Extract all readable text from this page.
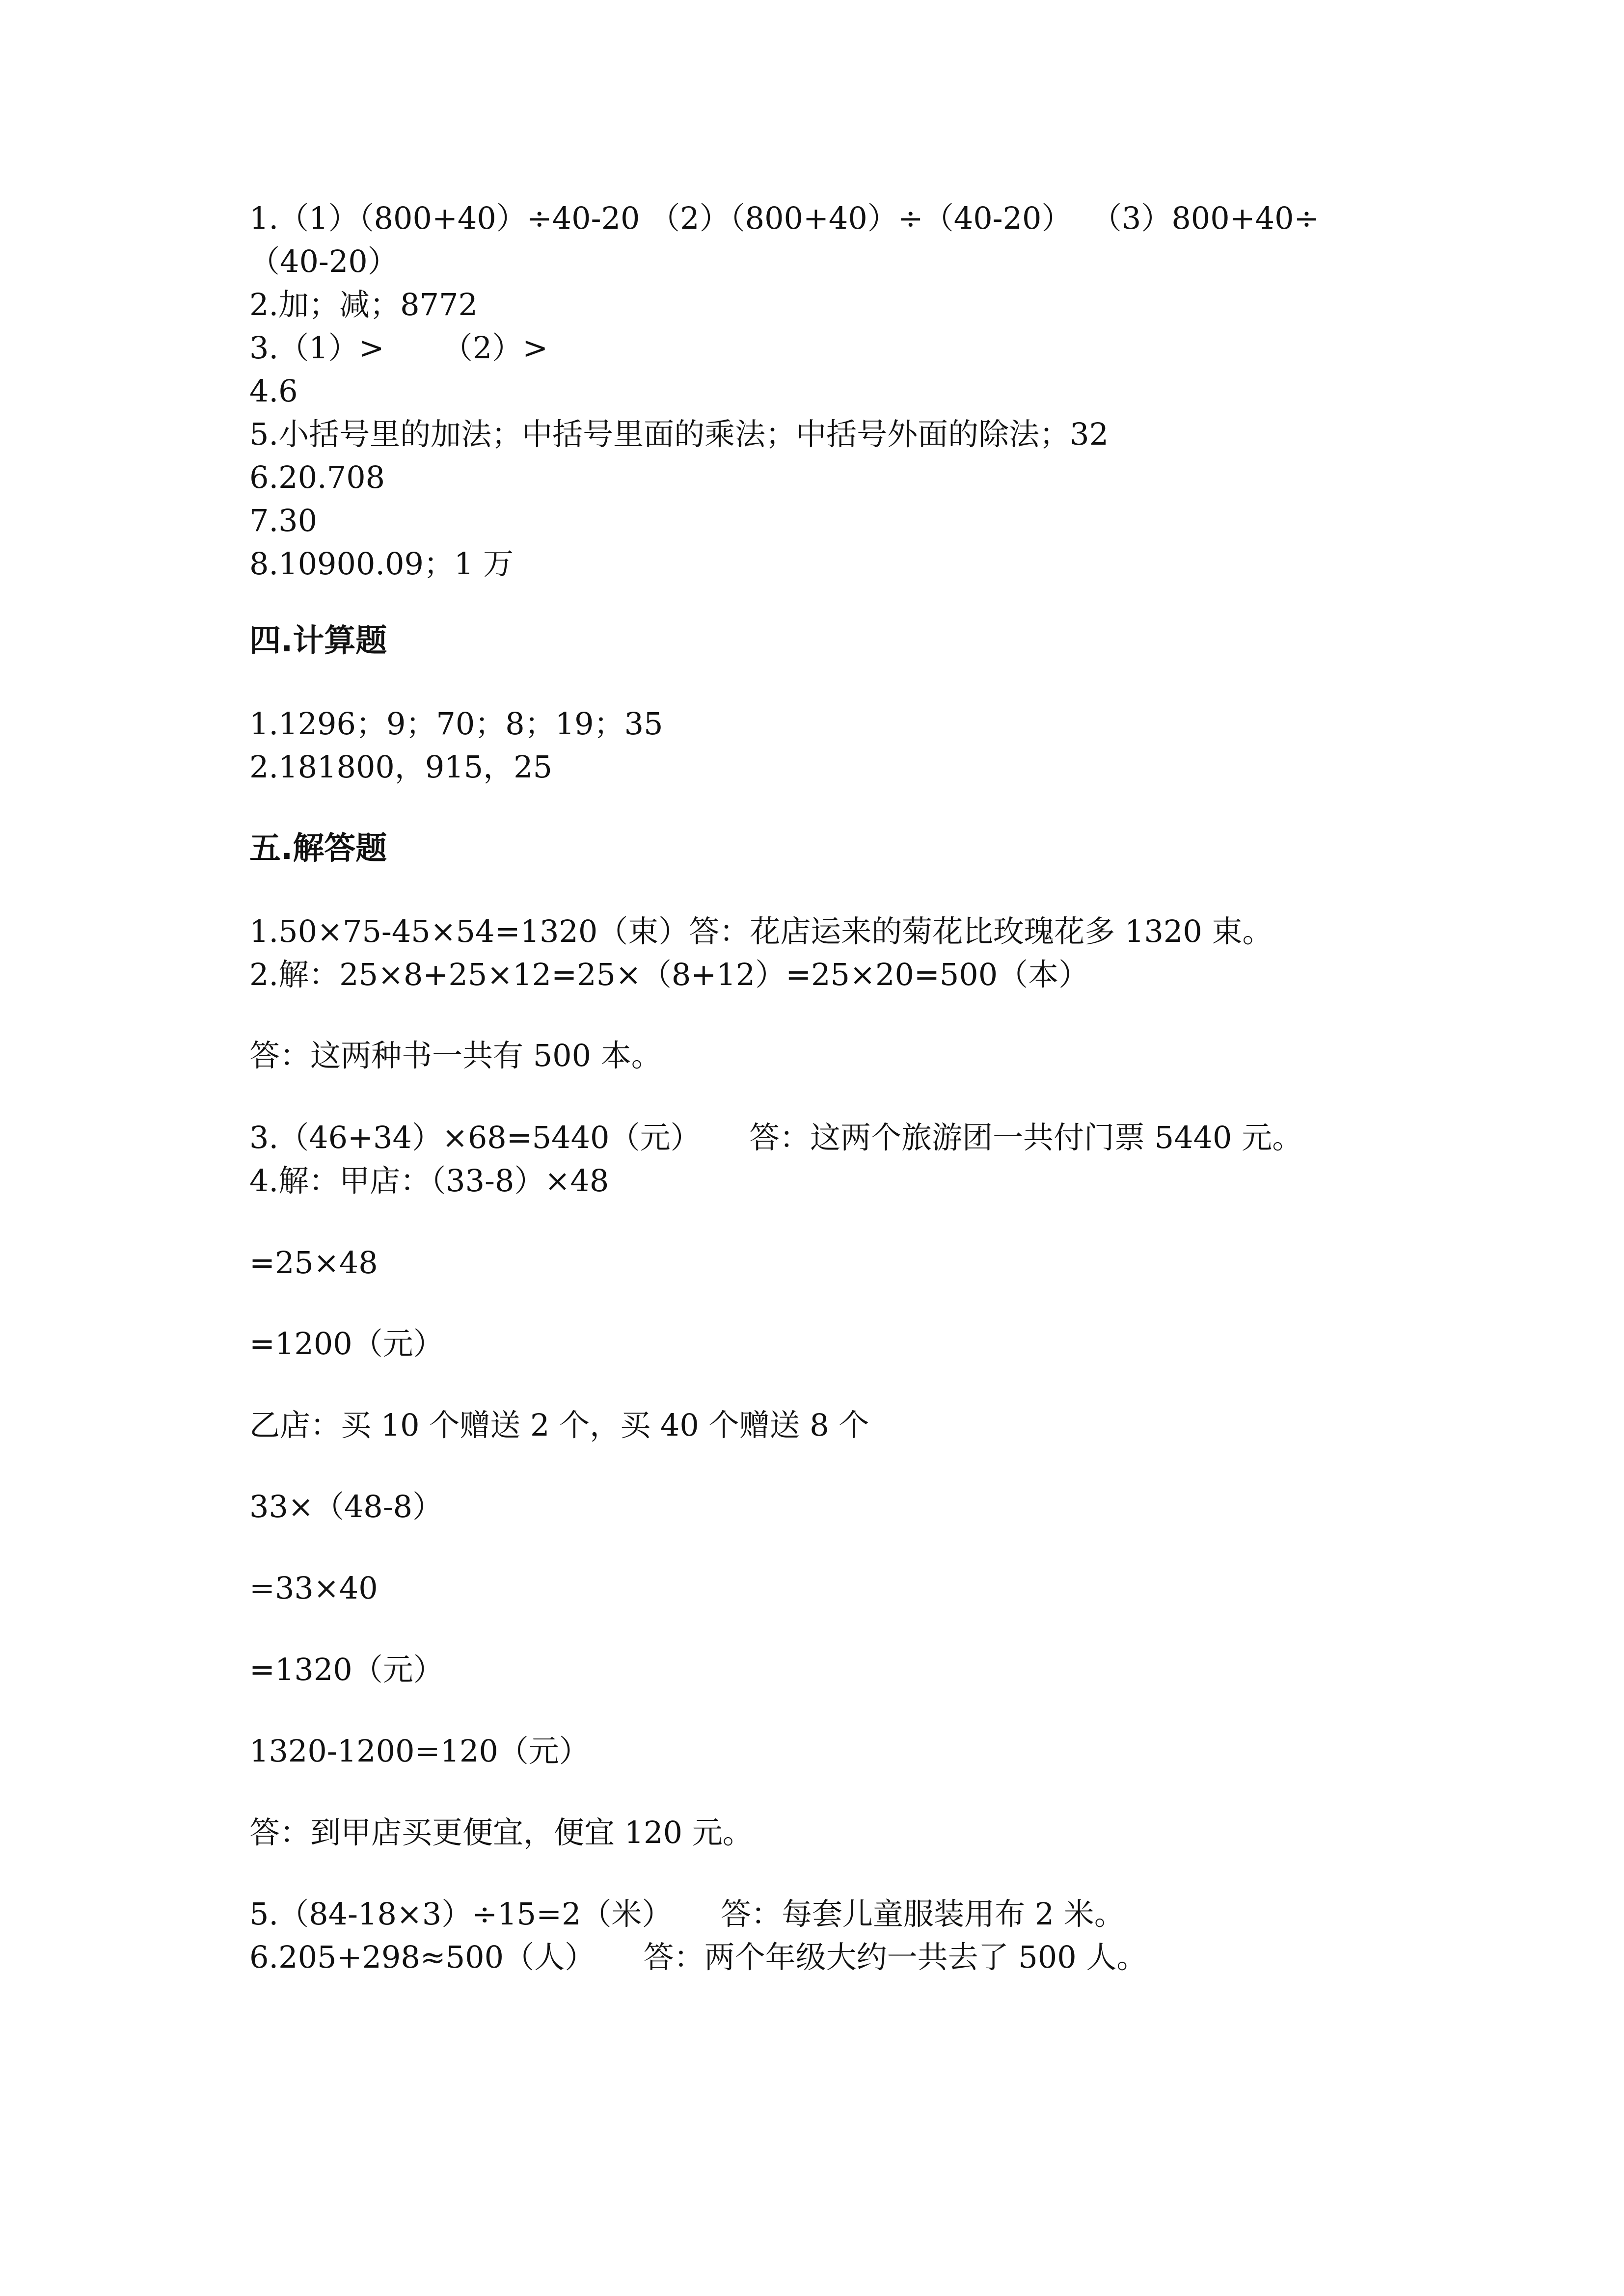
1.（1）（800+40）÷40-20 （2）（800+40）÷（40-20）  （3）800+40÷
（40-20）
2.加；减；8772
3.（1）>      （2）>
4.6
5.小括号里的加法；中括号里面的乘法；中括号外面的除法；32
6.20.708
7.30
8.10900.09；1 万
四.计算题
1.1296；9；70；8；19；35
2.181800，915，25
五.解答题
1.50×75-45×54=1320（束）答：花店运来的菊花比玫瑰花多 1320 束。
2.解：25×8+25×12=25×（8+12）=25×20=500（本）
答：这两种书一共有 500 本。
3.（46+34）×68=5440（元）     答：这两个旅游团一共付门票 5440 元。
4.解：甲店：（33-8）×48
=25×48
=1200（元）
乙店：买 10 个赠送 2 个，买 40 个赠送 8 个
33×（48-8）
=33×40
=1320（元）
1320-1200=120（元）
答：到甲店买更便宜，便宜 120 元。
5.（84-18×3）÷15=2（米）     答：每套儿童服装用布 2 米。
6.205+298≈500（人）     答：两个年级大约一共去了 500 人。
